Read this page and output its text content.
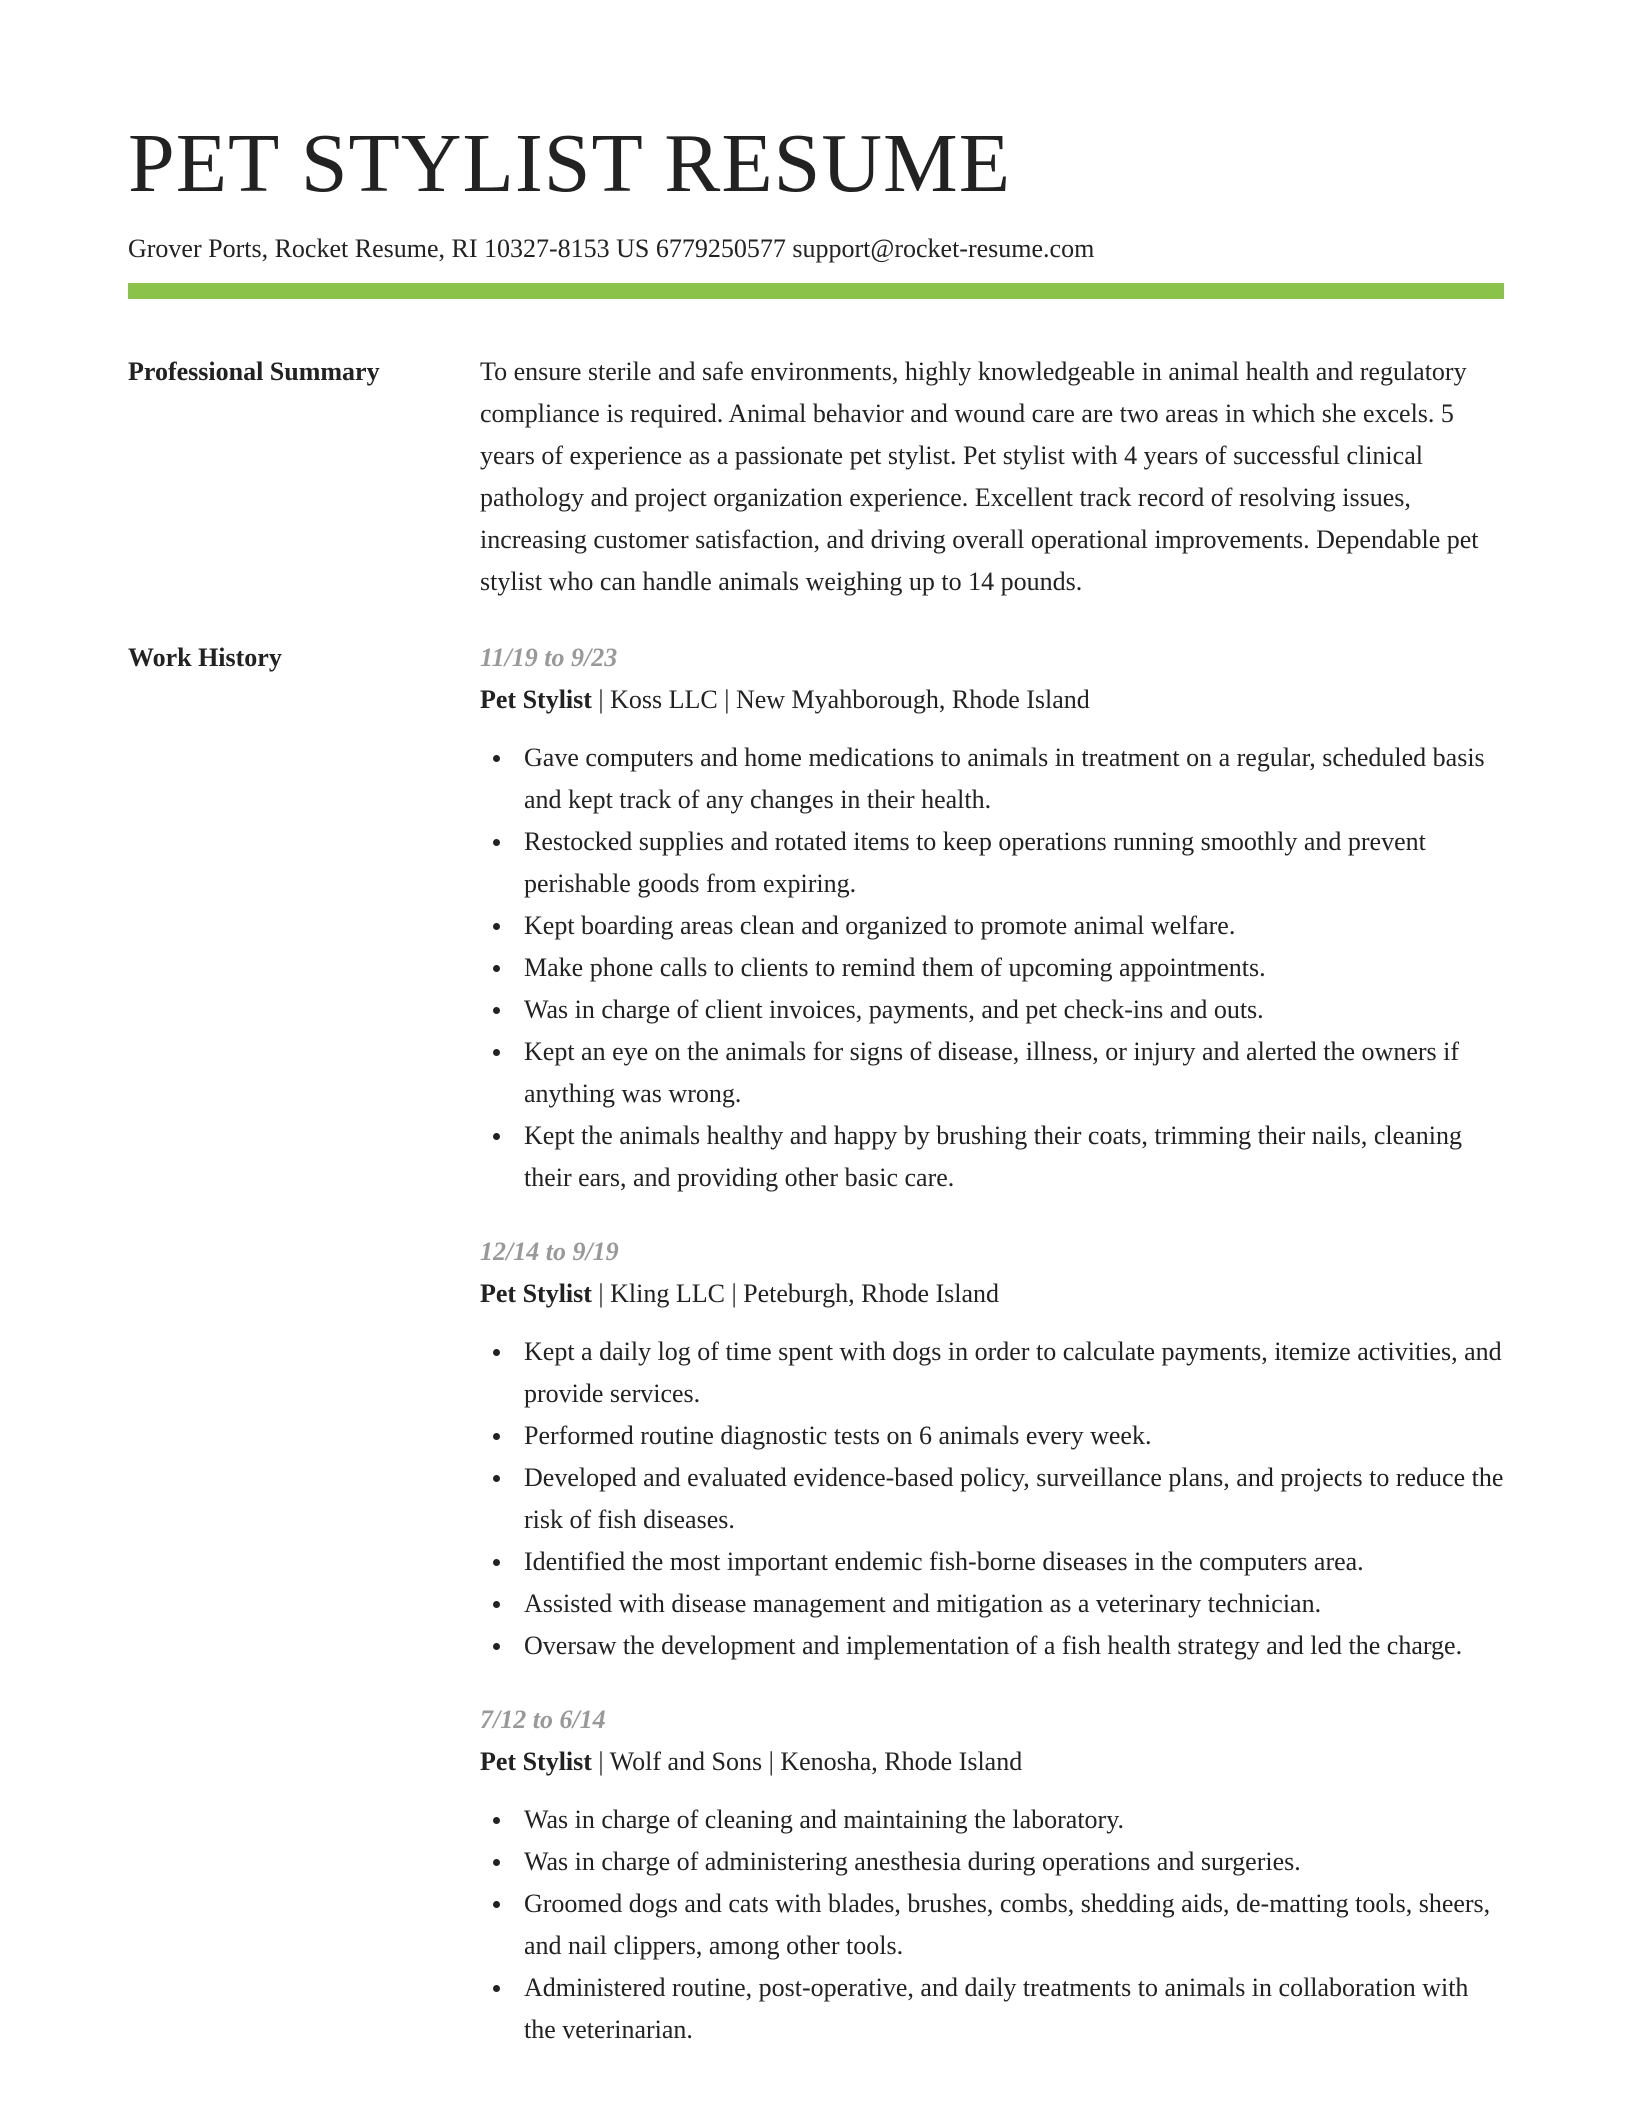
PET STYLIST RESUME
Grover Ports, Rocket Resume, RI 10327-8153 US 6779250577 support@rocket-resume.com
Professional Summary	To ensure sterile and safe environments, highly knowledgeable in animal health and regulatory compliance is required. Animal behavior and wound care are two areas in which she excels. 5 years of experience as a passionate pet stylist. Pet stylist with 4 years of successful clinical pathology and project organization experience. Excellent track record of resolving issues, increasing customer satisfaction, and driving overall operational improvements. Dependable pet stylist who can handle animals weighing up to 14 pounds.
Work History	11/19 to 9/23
Pet Stylist | Koss LLC | New Myahborough, Rhode Island
Gave computers and home medications to animals in treatment on a regular, scheduled basis and kept track of any changes in their health.
Restocked supplies and rotated items to keep operations running smoothly and prevent perishable goods from expiring.
Kept boarding areas clean and organized to promote animal welfare.
Make phone calls to clients to remind them of upcoming appointments.
Was in charge of client invoices, payments, and pet check-ins and outs.
Kept an eye on the animals for signs of disease, illness, or injury and alerted the owners if anything was wrong.
Kept the animals healthy and happy by brushing their coats, trimming their nails, cleaning their ears, and providing other basic care.
12/14 to 9/19
Pet Stylist | Kling LLC | Peteburgh, Rhode Island
Kept a daily log of time spent with dogs in order to calculate payments, itemize activities, and provide services.
Performed routine diagnostic tests on 6 animals every week.
Developed and evaluated evidence-based policy, surveillance plans, and projects to reduce the risk of fish diseases.
Identified the most important endemic fish-borne diseases in the computers area.
Assisted with disease management and mitigation as a veterinary technician.
Oversaw the development and implementation of a fish health strategy and led the charge.
7/12 to 6/14
Pet Stylist | Wolf and Sons | Kenosha, Rhode Island
Was in charge of cleaning and maintaining the laboratory.
Was in charge of administering anesthesia during operations and surgeries.
Groomed dogs and cats with blades, brushes, combs, shedding aids, de-matting tools, sheers, and nail clippers, among other tools.
Administered routine, post-operative, and daily treatments to animals in collaboration with the veterinarian.
